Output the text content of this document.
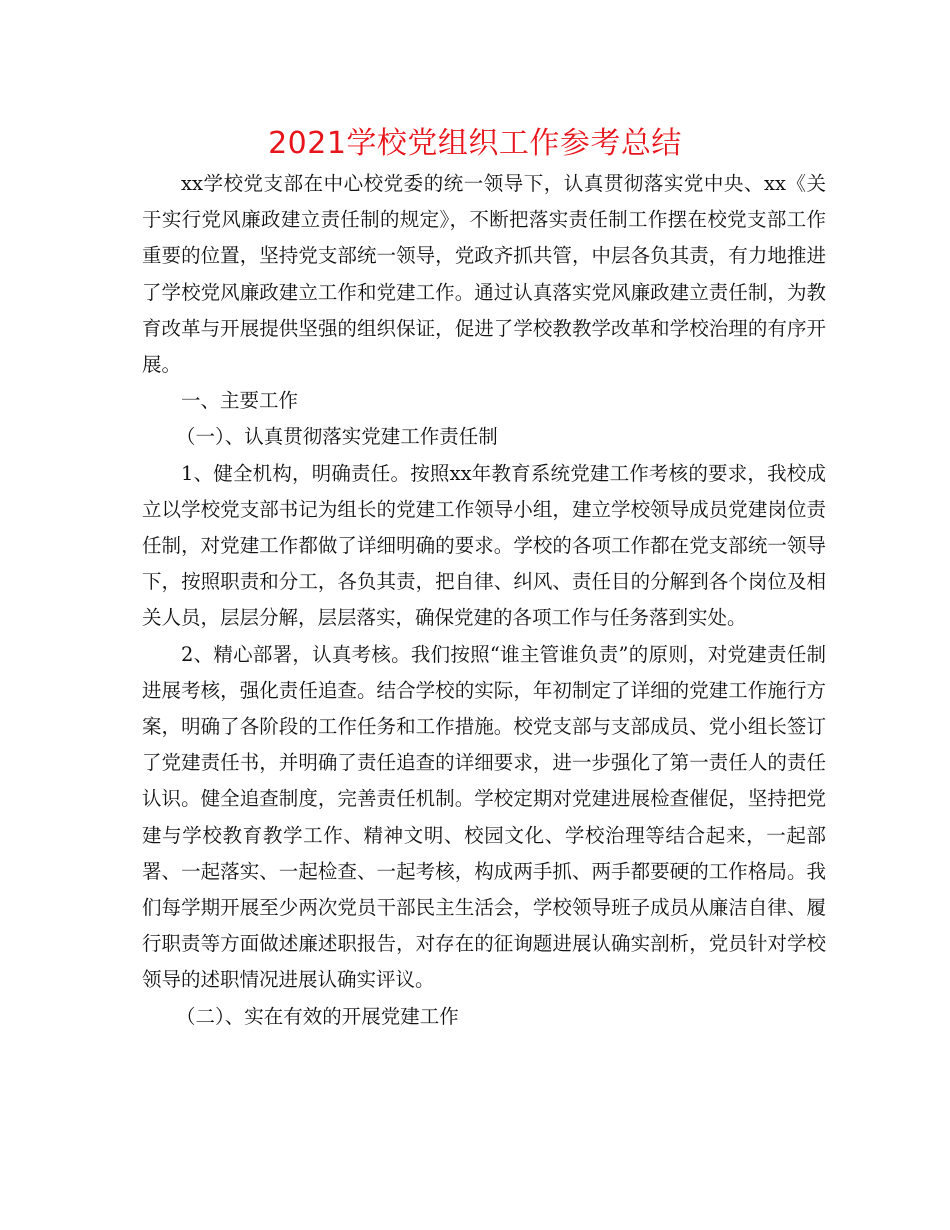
2021学校党组织工作参考总结

xx学校党支部在中心校党委的统一领导下，认真贯彻落实党中央、xx《关于实行党风廉政建立责任制的规定》，不断把落实责任制工作摆在校党支部工作重要的位置，坚持党支部统一领导，党政齐抓共管，中层各负其责，有力地推进了学校党风廉政建立工作和党建工作。通过认真落实党风廉政建立责任制，为教育改革与开展提供坚强的组织保证，促进了学校教教学改革和学校治理的有序开展。

一、主要工作

（一）、认真贯彻落实党建工作责任制

1、健全机构，明确责任。按照xx年教育系统党建工作考核的要求，我校成立以学校党支部书记为组长的党建工作领导小组，建立学校领导成员党建岗位责任制，对党建工作都做了详细明确的要求。学校的各项工作都在党支部统一领导下，按照职责和分工，各负其责，把自律、纠风、责任目的分解到各个岗位及相关人员，层层分解，层层落实，确保党建的各项工作与任务落到实处。

2、精心部署，认真考核。我们按照“谁主管谁负责”的原则，对党建责任制进展考核，强化责任追查。结合学校的实际，年初制定了详细的党建工作施行方案，明确了各阶段的工作任务和工作措施。校党支部与支部成员、党小组长签订了党建责任书，并明确了责任追查的详细要求，进一步强化了第一责任人的责任认识。健全追查制度，完善责任机制。学校定期对党建进展检查催促，坚持把党建与学校教育教学工作、精神文明、校园文化、学校治理等结合起来，一起部署、一起落实、一起检查、一起考核，构成两手抓、两手都要硬的工作格局。我们每学期开展至少两次党员干部民主生活会，学校领导班子成员从廉洁自律、履行职责等方面做述廉述职报告，对存在的征询题进展认确实剖析，党员针对学校领导的述职情况进展认确实评议。

（二）、实在有效的开展党建工作
